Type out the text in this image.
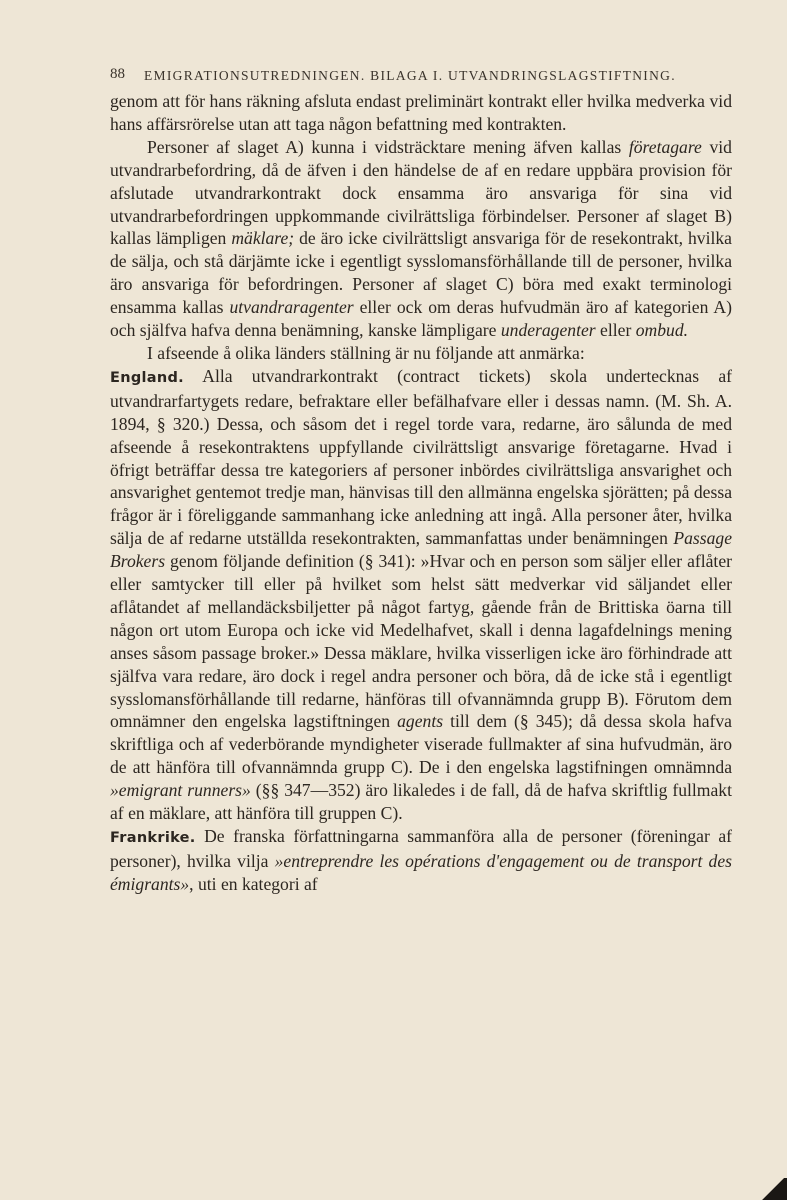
88 EMIGRATIONSUTREDNINGEN. BILAGA I. UTVANDRINGSLAGSTIFTNING.

genom att för hans räkning afsluta endast preliminärt kontrakt eller hvilka medverka vid hans affärsrörelse utan att taga någon befattning med kontrakten.

Personer af slaget A) kunna i vidsträcktare mening äfven kallas företagare vid utvandrarbefordring, då de äfven i den händelse de af en redare uppbära provision för afslutade utvandrarkontrakt dock ensamma äro ansvariga för sina vid utvandrarbefordringen uppkommande civilrättsliga förbindelser. Personer af slaget B) kallas lämpligen mäklare; de äro icke civilrättsligt ansvariga för de resekontrakt, hvilka de sälja, och stå därjämte icke i egentligt sysslomansförhållande till de personer, hvilka äro ansvariga för befordringen. Personer af slaget C) böra med exakt terminologi ensamma kallas utvandraragenter eller ock om deras hufvudmän äro af kategorien A) och själfva hafva denna benämning, kanske lämpligare underagenter eller ombud.

I afseende å olika länders ställning är nu följande att anmärka:

England. Alla utvandrarkontrakt (contract tickets) skola undertecknas af utvandrarfartygets redare, befraktare eller befälhafvare eller i dessas namn. (M. Sh. A. 1894, § 320.) Dessa, och såsom det i regel torde vara, redarne, äro sålunda de med afseende å resekontraktens uppfyllande civilrättsligt ansvarige företagarne. Hvad i öfrigt beträffar dessa tre kategoriers af personer inbördes civilrättsliga ansvarighet och ansvarighet gentemot tredje man, hänvisas till den allmänna engelska sjörätten; på dessa frågor är i föreliggande sammanhang icke anledning att ingå. Alla personer åter, hvilka sälja de af redarne utställda resekontrakten, sammanfattas under benämningen Passage Brokers genom följande definition (§ 341): »Hvar och en person som säljer eller aflåter eller samtycker till eller på hvilket som helst sätt medverkar vid säljandet eller aflåtandet af mellandäcksbiljetter på något fartyg, gående från de Brittiska öarna till någon ort utom Europa och icke vid Medelhafvet, skall i denna lagafdelnings mening anses såsom passage broker.» Dessa mäklare, hvilka visserligen icke äro förhindrade att själfva vara redare, äro dock i regel andra personer och böra, då de icke stå i egentligt sysslomansförhållande till redarne, hänföras till ofvannämnda grupp B). Förutom dem omnämner den engelska lagstiftningen agents till dem (§ 345); då dessa skola hafva skriftliga och af vederbörande myndigheter viserade fullmakter af sina hufvudmän, äro de att hänföra till ofvannämnda grupp C). De i den engelska lagstifningen omnämnda »emigrant runners» (§§ 347—352) äro likaledes i de fall, då de hafva skriftlig fullmakt af en mäklare, att hänföra till gruppen C).

Frankrike. De franska författningarna sammanföra alla de personer (föreningar af personer), hvilka vilja »entreprendre les opérations d'engagement ou de transport des émigrants», uti en kategori af
